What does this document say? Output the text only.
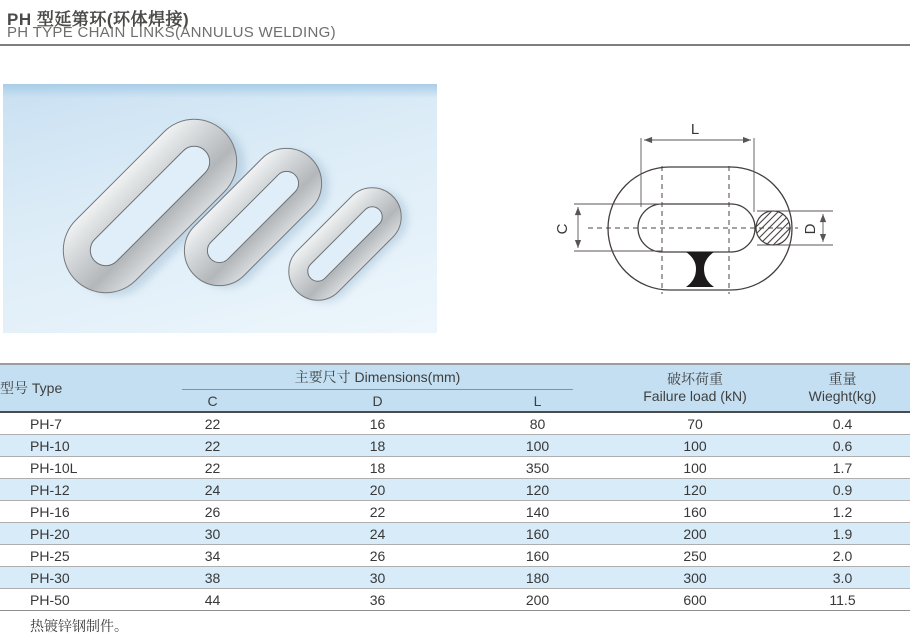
PH 型延第环(环体焊接)
PH TYPE CHAIN LINKS(ANNULUS WELDING)
L
C	D
型号 Type	
主要尺寸 Dimensions(mm)	破坏荷重
Failure load (kN)

重量
Wieght(kg)

	C	D	L		
PH-7	22	16	80	70	0.4
PH-10	22	18	100	100	0.6
PH-10L	22	18	350	100	1.7
PH-12	24	20	120	120	0.9
PH-16	26	22	140	160	1.2
PH-20	30	24	160	200	1.9
PH-25	34	26	160	250	2.0
PH-30	38	30	180	300	3.0
PH-50	44	36	200	600	11.5
热镀锌钢制件。
